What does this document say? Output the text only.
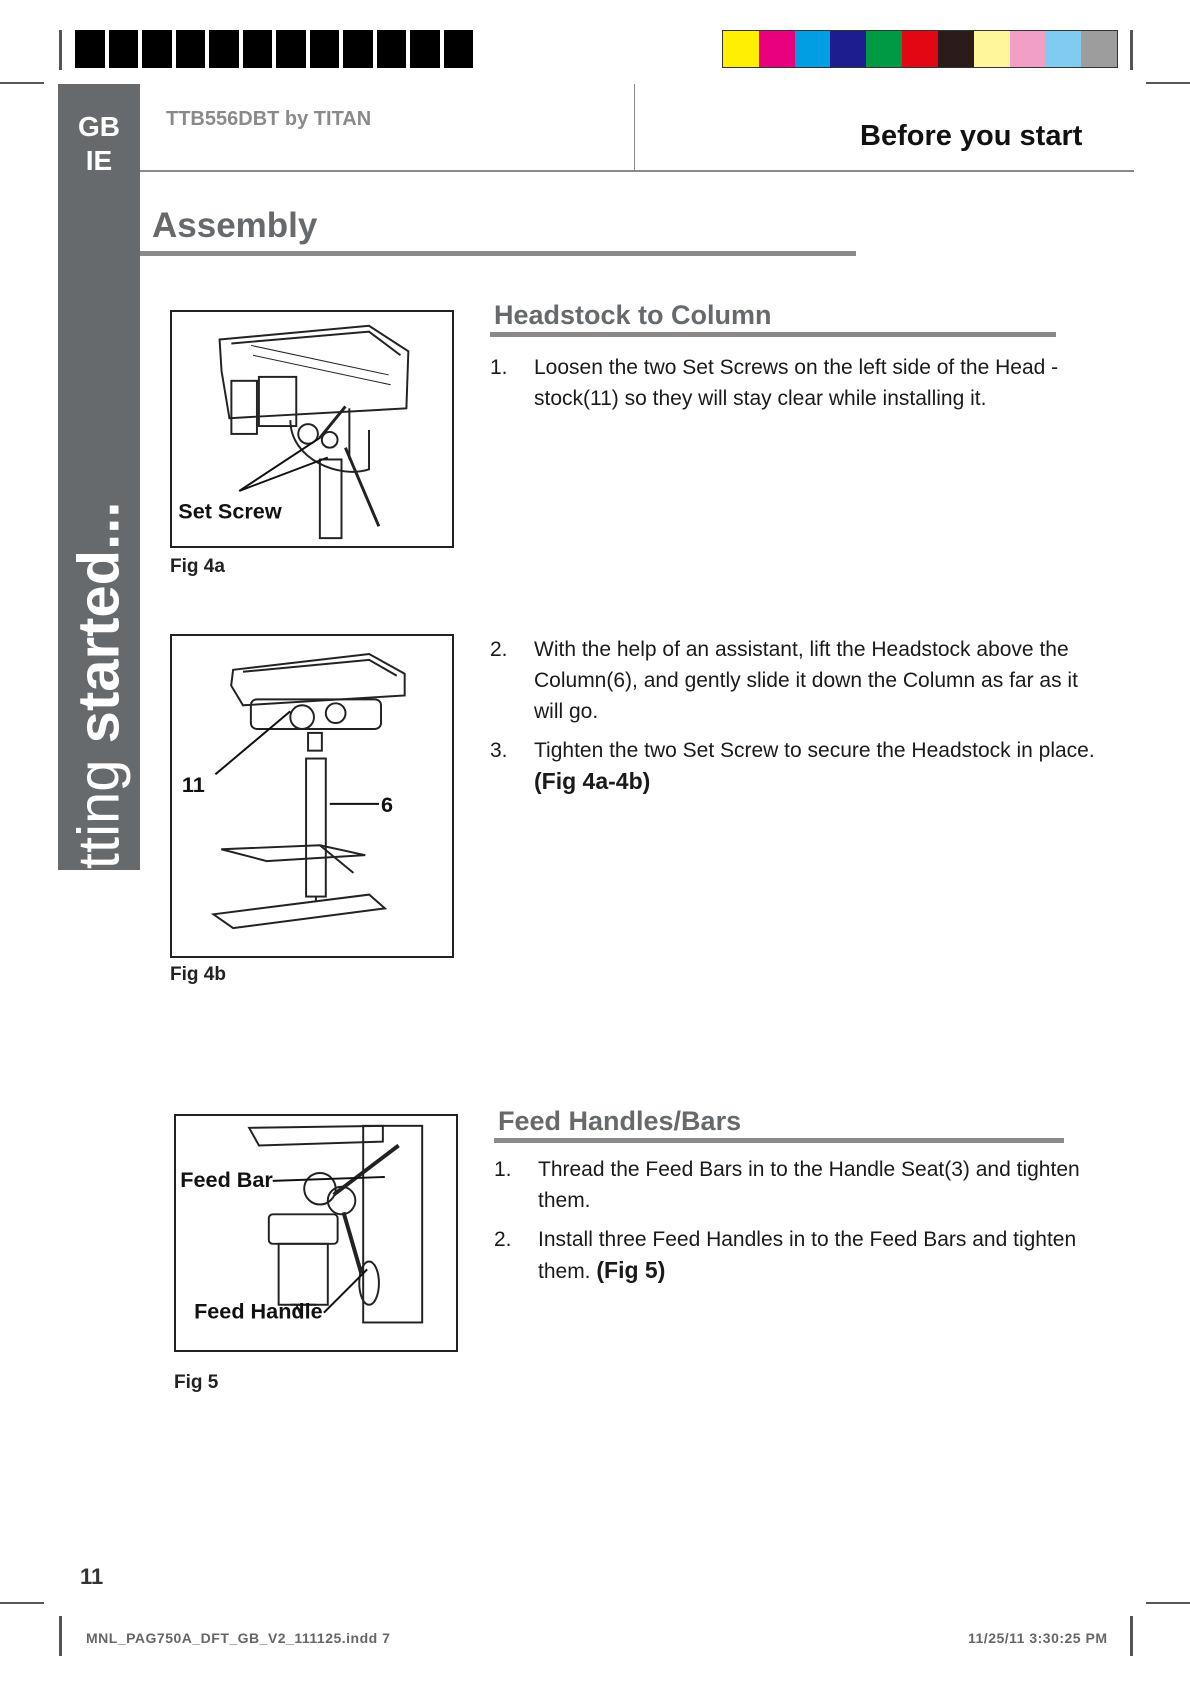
GB
IE
Getting started...
TTB556DBT by TITAN
Before you start
Assembly
Set Screw
Fig 4a
11
6
Fig 4b
Feed Bar
Feed Handle
Fig 5
Headstock to Column
1. Loosen the two Set Screws on the left side of the Head -stock(11) so they will stay clear while installing it.
2. With the help of an assistant, lift the Headstock above the Column(6), and gently slide it down the Column as far as it will go.
3. Tighten the two Set Screw to secure the Headstock in place. (Fig 4a-4b)
Feed Handles/Bars
1. Thread the Feed Bars in to the Handle Seat(3) and tighten them.
2. Install three Feed Handles in to the Feed Bars and tighten them. (Fig 5)
11
MNL_PAG750A_DFT_GB_V2_111125.indd 7	11/25/11 3:30:25 PM
